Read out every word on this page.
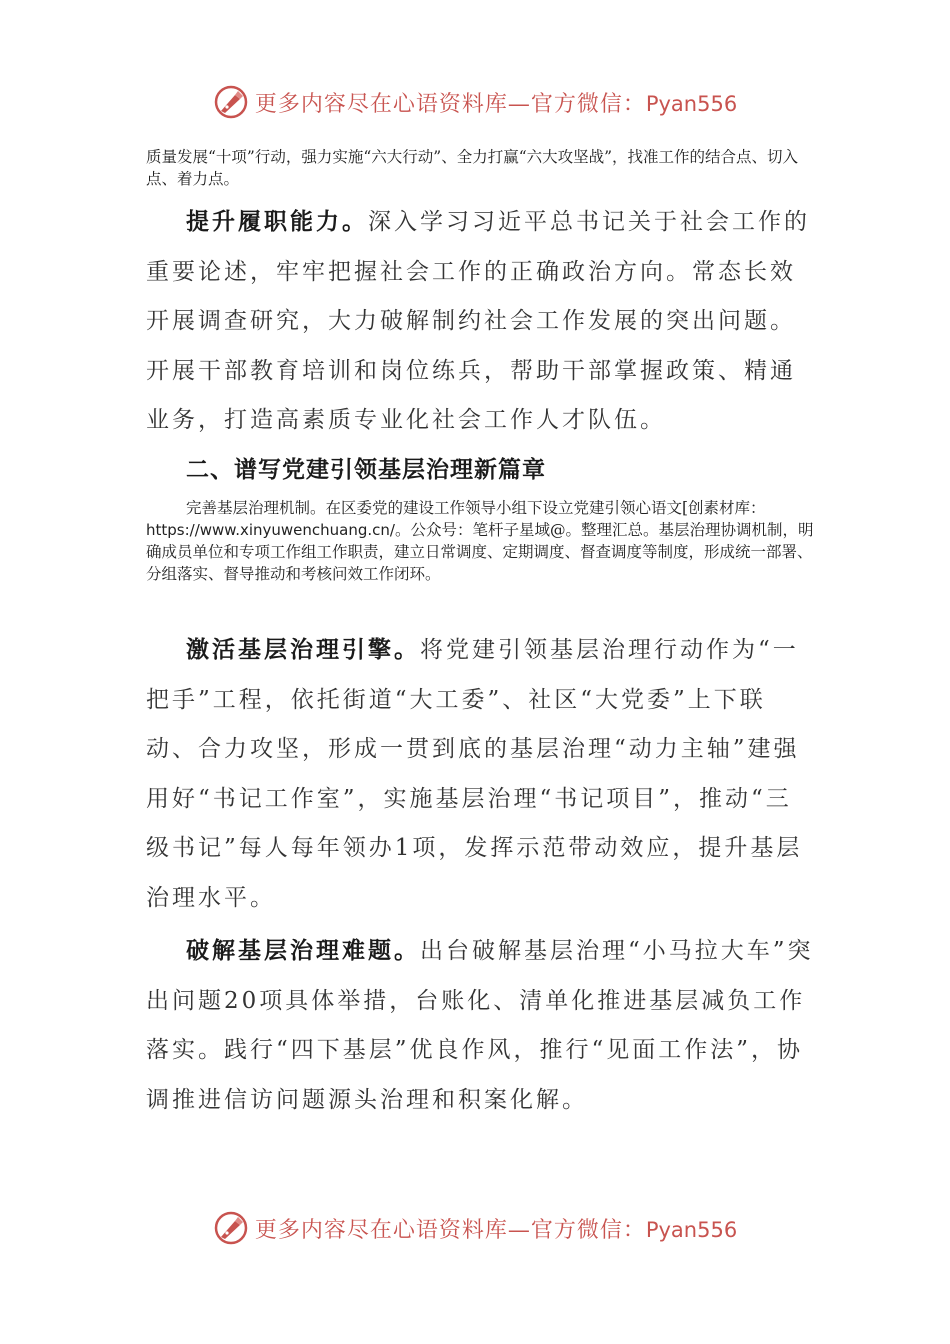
更多内容尽在心语资料库—官方微信：Pyan556
质量发展“十项”行动，强力实施“六大行动”、全力打赢“六大攻坚战”，找准工作的结合点、切入点、着力点。
提升履职能力。深入学习习近平总书记关于社会工作的重要论述，牢牢把握社会工作的正确政治方向。常态长效开展调查研究，大力破解制约社会工作发展的突出问题。开展干部教育培训和岗位练兵，帮助干部掌握政策、精通业务，打造高素质专业化社会工作人才队伍。
二、谱写党建引领基层治理新篇章
完善基层治理机制。在区委党的建设工作领导小组下设立党建引领心语文[创素材库：https://www.xinyuwenchuang.cn/。公众号：笔杆子星域@。整理汇总。基层治理协调机制，明确成员单位和专项工作组工作职责，建立日常调度、定期调度、督查调度等制度，形成统一部署、分组落实、督导推动和考核问效工作闭环。
激活基层治理引擎。将党建引领基层治理行动作为“一把手”工程，依托街道“大工委”、社区“大党委”上下联动、合力攻坚，形成一贯到底的基层治理“动力主轴”建强用好“书记工作室”，实施基层治理“书记项目”，推动“三级书记”每人每年领办1项，发挥示范带动效应，提升基层治理水平。
破解基层治理难题。出台破解基层治理“小马拉大车”突出问题20项具体举措，台账化、清单化推进基层减负工作落实。践行“四下基层”优良作风，推行“见面工作法”，协调推进信访问题源头治理和积案化解。
更多内容尽在心语资料库—官方微信：Pyan556
